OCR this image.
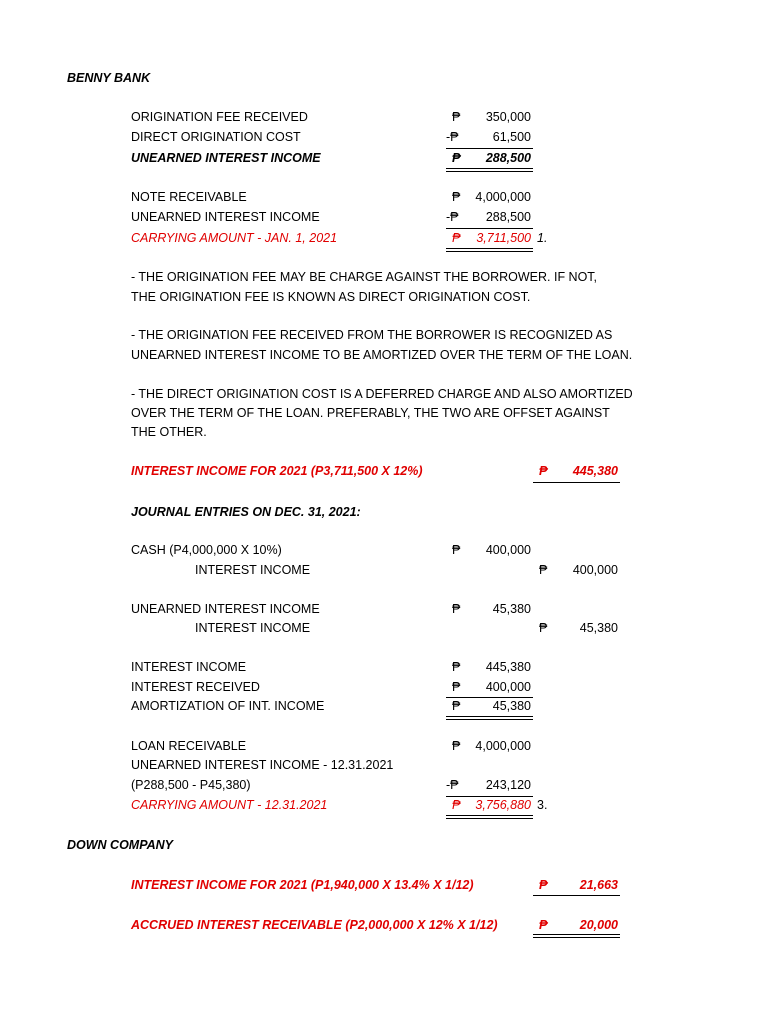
BENNY BANK
ORIGINATION FEE RECEIVED	₱	350,000
DIRECT ORIGINATION COST	-₱	61,500
UNEARNED INTEREST INCOME	₱	288,500
NOTE RECEIVABLE	₱	4,000,000
UNEARNED INTEREST INCOME	-₱	288,500
CARRYING AMOUNT - JAN. 1, 2021	₱	3,711,500 1.
- THE ORIGINATION FEE MAY BE CHARGE AGAINST THE BORROWER. IF NOT,
THE ORIGINATION FEE IS KNOWN AS DIRECT ORIGINATION COST.
- THE ORIGINATION FEE RECEIVED FROM THE BORROWER IS RECOGNIZED AS
UNEARNED INTEREST INCOME TO BE AMORTIZED OVER THE TERM OF THE LOAN.
- THE DIRECT ORIGINATION COST IS A DEFERRED CHARGE AND ALSO AMORTIZED
OVER THE TERM OF THE LOAN. PREFERABLY, THE TWO ARE OFFSET AGAINST
THE OTHER.
INTEREST INCOME FOR 2021 (P3,711,500 X 12%)	₱	445,380
JOURNAL ENTRIES ON DEC. 31, 2021:
CASH (P4,000,000 X 10%)	₱	400,000
INTEREST INCOME	₱	400,000
UNEARNED INTEREST INCOME	₱	45,380
INTEREST INCOME	₱	45,380
INTEREST INCOME	₱	445,380
INTEREST RECEIVED	₱	400,000
AMORTIZATION OF INT. INCOME	₱	45,380
LOAN RECEIVABLE	₱	4,000,000
UNEARNED INTEREST INCOME - 12.31.2021
(P288,500 - P45,380)	-₱	243,120
CARRYING AMOUNT - 12.31.2021	₱	3,756,880 3.
DOWN COMPANY
INTEREST INCOME FOR 2021 (P1,940,000 X 13.4% X 1/12)	₱	21,663
ACCRUED INTEREST RECEIVABLE (P2,000,000 X 12% X 1/12)	₱	20,000
